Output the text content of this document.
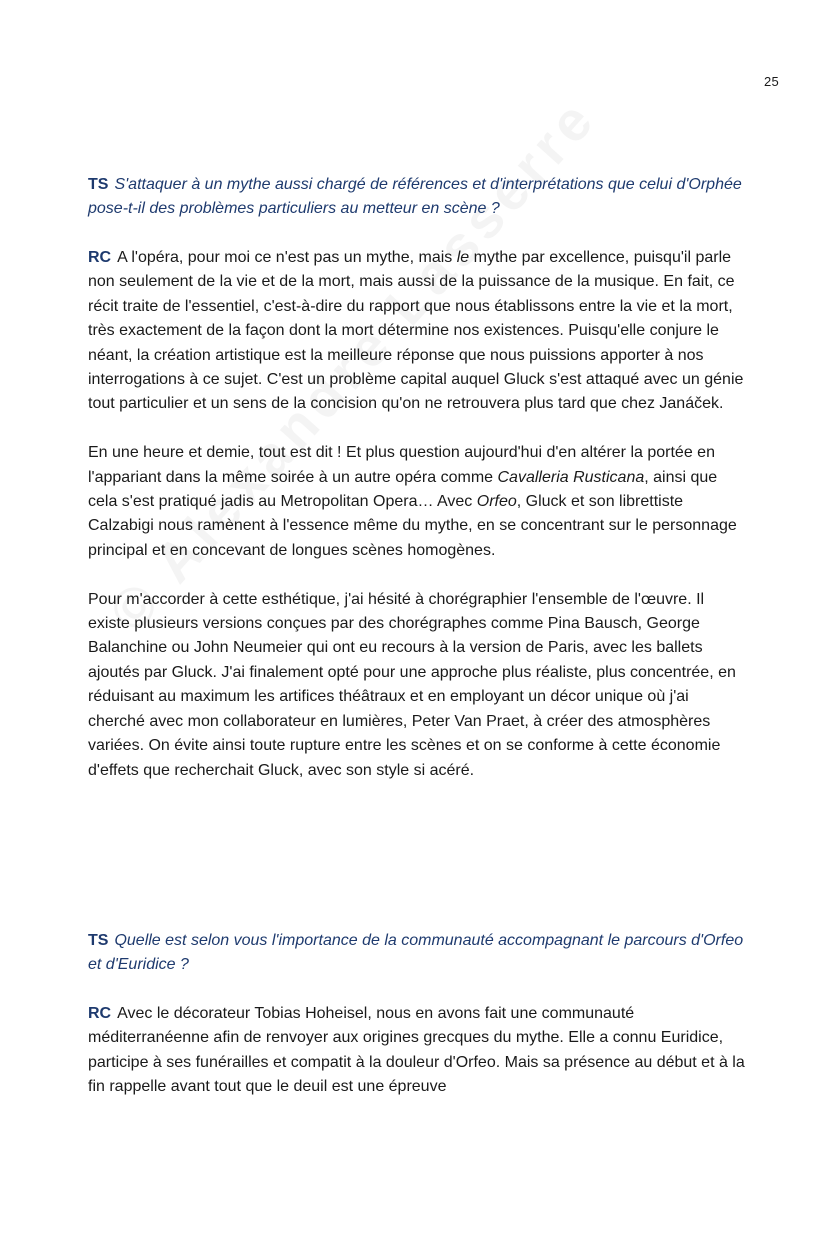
25

TS S'attaquer à un mythe aussi chargé de références et d'interprétations que celui d'Orphée pose-t-il des problèmes particuliers au metteur en scène ?

RC A l'opéra, pour moi ce n'est pas un mythe, mais le mythe par excellence, puisqu'il parle non seulement de la vie et de la mort, mais aussi de la puissance de la musique. En fait, ce récit traite de l'essentiel, c'est-à-dire du rapport que nous établissons entre la vie et la mort, très exactement de la façon dont la mort détermine nos existences. Puisqu'elle conjure le néant, la création artistique est la meilleure réponse que nous puissions apporter à nos interrogations à ce sujet. C'est un problème capital auquel Gluck s'est attaqué avec un génie tout particulier et un sens de la concision qu'on ne retrouvera plus tard que chez Janáček.

En une heure et demie, tout est dit ! Et plus question aujourd'hui d'en altérer la portée en l'appariant dans la même soirée à un autre opéra comme Cavalleria Rusticana, ainsi que cela s'est pratiqué jadis au Metropolitan Opera… Avec Orfeo, Gluck et son librettiste Calzabigi nous ramènent à l'essence même du mythe, en se concentrant sur le personnage principal et en concevant de longues scènes homogènes.

Pour m'accorder à cette esthétique, j'ai hésité à chorégraphier l'ensemble de l'œuvre. Il existe plusieurs versions conçues par des chorégraphes comme Pina Bausch, George Balanchine ou John Neumeier qui ont eu recours à la version de Paris, avec les ballets ajoutés par Gluck. J'ai finalement opté pour une approche plus réaliste, plus concentrée, en réduisant au maximum les artifices théâtraux et en employant un décor unique où j'ai cherché avec mon collaborateur en lumières, Peter Van Praet, à créer des atmosphères variées. On évite ainsi toute rupture entre les scènes et on se conforme à cette économie d'effets que recherchait Gluck, avec son style si acéré.

TS Quelle est selon vous l'importance de la communauté accompagnant le parcours d'Orfeo et d'Euridice ?

RC Avec le décorateur Tobias Hoheisel, nous en avons fait une communauté méditerranéenne afin de renvoyer aux origines grecques du mythe. Elle a connu Euridice, participe à ses funérailles et compatit à la douleur d'Orfeo. Mais sa présence au début et à la fin rappelle avant tout que le deuil est une épreuve
